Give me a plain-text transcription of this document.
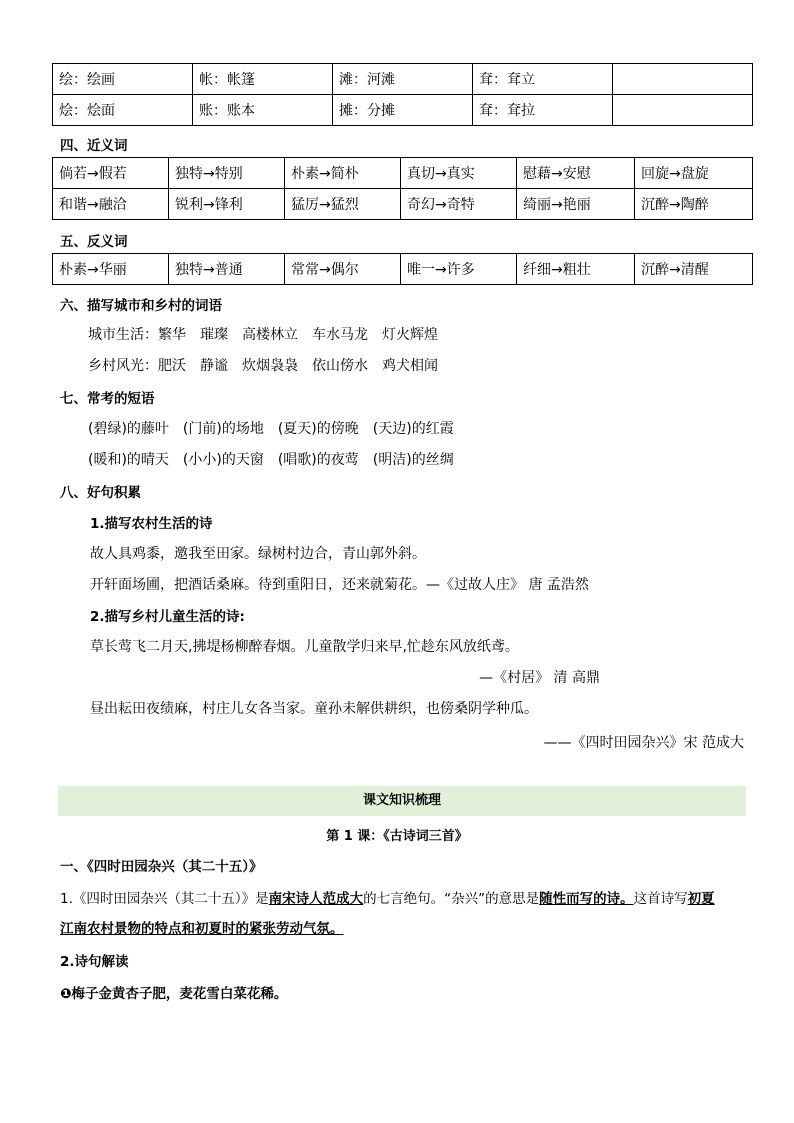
绘：绘画	帐：帐篷	滩：河滩	耷：耷立	
烩：烩面	账：账本	摊：分摊	耷：耷拉	
四、近义词
倘若→假若	独特→特别	朴素→简朴	真切→真实	慰藉→安慰	回旋→盘旋
和谐→融洽	锐利→锋利	猛厉→猛烈	奇幻→奇特	绮丽→艳丽	沉醉→陶醉
五、反义词
朴素→华丽	独特→普通	常常→偶尔	唯一→许多	纤细→粗壮	沉醉→清醒
六、描写城市和乡村的词语
城市生活：繁华　璀璨　高楼林立　车水马龙　灯火辉煌
乡村风光：肥沃　静谧　炊烟袅袅　依山傍水　鸡犬相闻
七、常考的短语
(碧绿)的藤叶　(门前)的场地　(夏天)的傍晚　(天边)的红霞
(暖和)的晴天　(小小)的天窗　(唱歌)的夜莺　(明洁)的丝绸
八、好句积累
1.描写农村生活的诗
故人具鸡黍，邀我至田家。绿树村边合，青山郭外斜。
开轩面场圃，把酒话桑麻。待到重阳日，还来就菊花。—《过故人庄》 唐 孟浩然
2.描写乡村儿童生活的诗:
草长莺飞二月天,拂堤杨柳醉春烟。儿童散学归来早,忙趁东风放纸鸢。
—《村居》 清 高鼎
昼出耘田夜绩麻，村庄儿女各当家。童孙未解供耕织，也傍桑阴学种瓜。
——《四时田园杂兴》宋 范成大
课文知识梳理
第 1 课：《古诗词三首》
一、《四时田园杂兴（其二十五）》
1.《四时田园杂兴（其二十五）》是南宋诗人范成大的七言绝句。“杂兴”的意思是随性而写的诗。这首诗写初夏
江南农村景物的特点和初夏时的紧张劳动气氛。
2.诗句解读
❶梅子金黄杏子肥，麦花雪白菜花稀。
